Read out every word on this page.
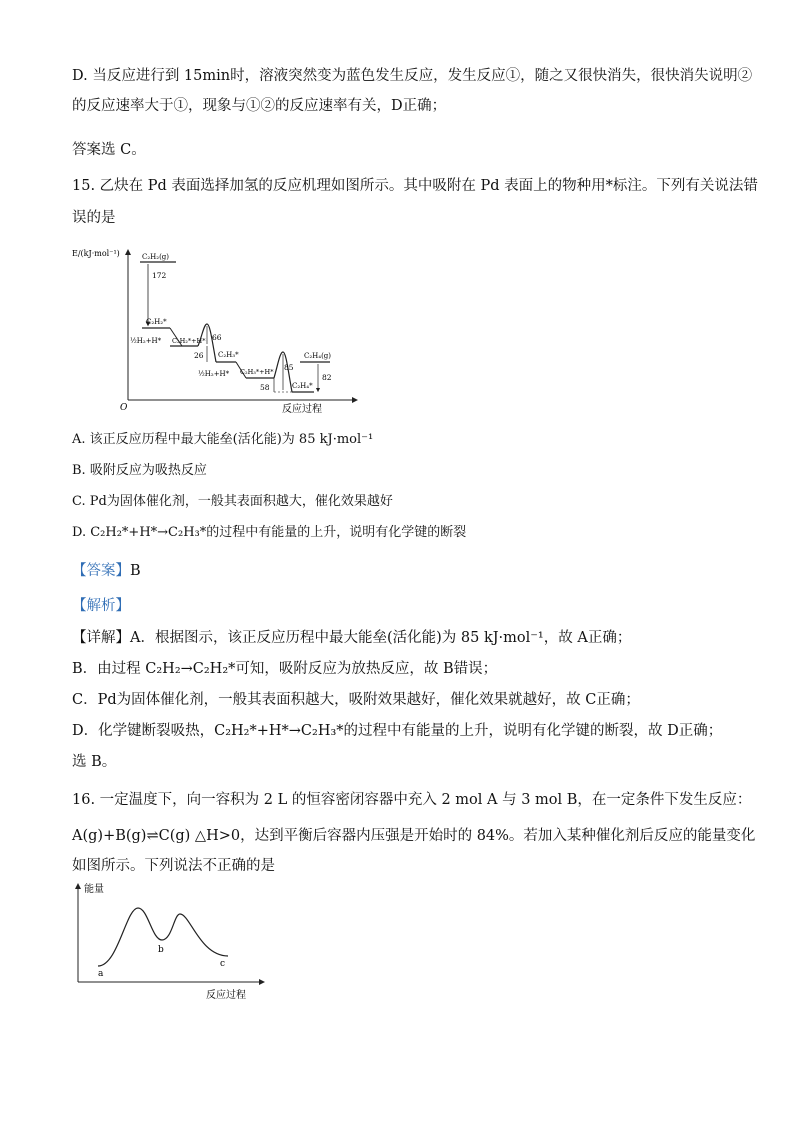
D. 当反应进行到 15min时，溶液突然变为蓝色发生反应，发生反应①，随之又很快消失，很快消失说明②
的反应速率大于①，现象与①②的反应速率有关，D正确；
答案选 C。
15. 乙炔在 Pd 表面选择加氢的反应机理如图所示。其中吸附在 Pd 表面上的物种用*标注。下列有关说法错
误的是
E/(kJ·mol⁻¹)
反应过程
O
C₂H₂(g)
172
C₂H₂*
½H₂+H* C₂H₂*+H* 66
26 C₂H₃*
½H₂+H* C₂H₃*+H* 85
58	C₂H₄*
C₂H₄(g)
82
A. 该正反应历程中最大能垒(活化能)为 85 kJ·mol⁻¹
B. 吸附反应为吸热反应
C. Pd为固体催化剂，一般其表面积越大，催化效果越好
D. C₂H₂*+H*→C₂H₃*的过程中有能量的上升，说明有化学键的断裂
【答案】B
【解析】
【详解】A．根据图示，该正反应历程中最大能垒(活化能)为 85 kJ·mol⁻¹，故 A正确；
B．由过程 C₂H₂→C₂H₂*可知，吸附反应为放热反应，故 B错误；
C．Pd为固体催化剂，一般其表面积越大，吸附效果越好，催化效果就越好，故 C正确；
D．化学键断裂吸热，C₂H₂*+H*→C₂H₃*的过程中有能量的上升，说明有化学键的断裂，故 D正确；
选 B。
16. 一定温度下，向一容积为 2 L 的恒容密闭容器中充入 2 mol A 与 3 mol B，在一定条件下发生反应：
A(g)+B(g)⇌C(g) △H>0，达到平衡后容器内压强是开始时的 84%。若加入某种催化剂后反应的能量变化
如图所示。下列说法不正确的是
能量
反应过程
a
b
c
